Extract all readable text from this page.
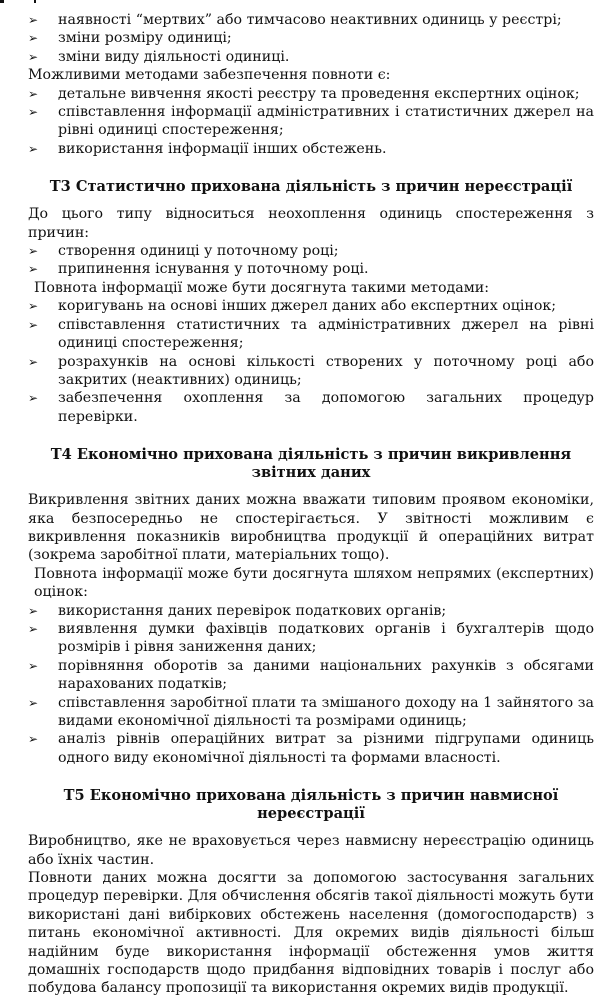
➢	наявності “мертвих” або тимчасово неактивних одиниць у реєстрі;
➢	зміни розміру одиниці;
➢	зміни виду діяльності одиниці.

Можливими методами забезпечення повноти є:

➢	детальне вивчення якості реєстру та проведення експертних оцінок;
➢	співставлення інформації адміністративних і статистичних джерел на рівні одиниці спостереження;
➢	використання інформації інших обстежень.
Т3 Статистично прихована діяльність з причин нереєстрації

До цього типу відноситься неохоплення одиниць спостереження з причин:

➢	створення одиниці у поточному році;
➢	припинення існування у поточному році.

Повнота інформації може бути досягнута такими методами:

➢	коригувань на основі інших джерел даних або експертних оцінок;
➢	співставлення статистичних та адміністративних джерел на рівні одиниці спостереження;
➢	розрахунків на основі кількості створених у поточному році або закритих (неактивних) одиниць;
➢	забезпечення охоплення за допомогою загальних процедур перевірки.
Т4 Економічно прихована діяльність з причин викривлення звітних даних

Викривлення звітних даних можна вважати типовим проявом економіки, яка безпосередньо не спостерігається. У звітності можливим є викривлення показників виробництва продукції й операційних витрат (зокрема заробітної плати, матеріальних тощо).

Повнота інформації може бути досягнута шляхом непрямих (експертних) оцінок:

➢	використання даних перевірок податкових органів;
➢	виявлення думки фахівців податкових органів і бухгалтерів щодо розмірів і рівня заниження даних;
➢	порівняння оборотів за даними національних рахунків з обсягами нарахованих податків;
➢	співставлення заробітної плати та змішаного доходу на 1 зайнятого за видами економічної діяльності та розмірами одиниць;
➢	аналіз рівнів операційних витрат за різними підгрупами одиниць одного виду економічної діяльності та формами власності.
Т5 Економічно прихована діяльність з причин навмисної нереєстрації

Виробництво, яке не враховується через навмисну нереєстрацію одиниць або їхніх частин.

Повноти даних можна досягти за допомогою застосування загальних процедур перевірки. Для обчислення обсягів такої діяльності можуть бути використані дані вибіркових обстежень населення (домогосподарств) з питань економічної активності. Для окремих видів діяльності більш надійним буде використання інформації обстеження умов життя домашніх господарств щодо придбання відповідних товарів і послуг або побудова балансу пропозиції та використання окремих видів продукції.
